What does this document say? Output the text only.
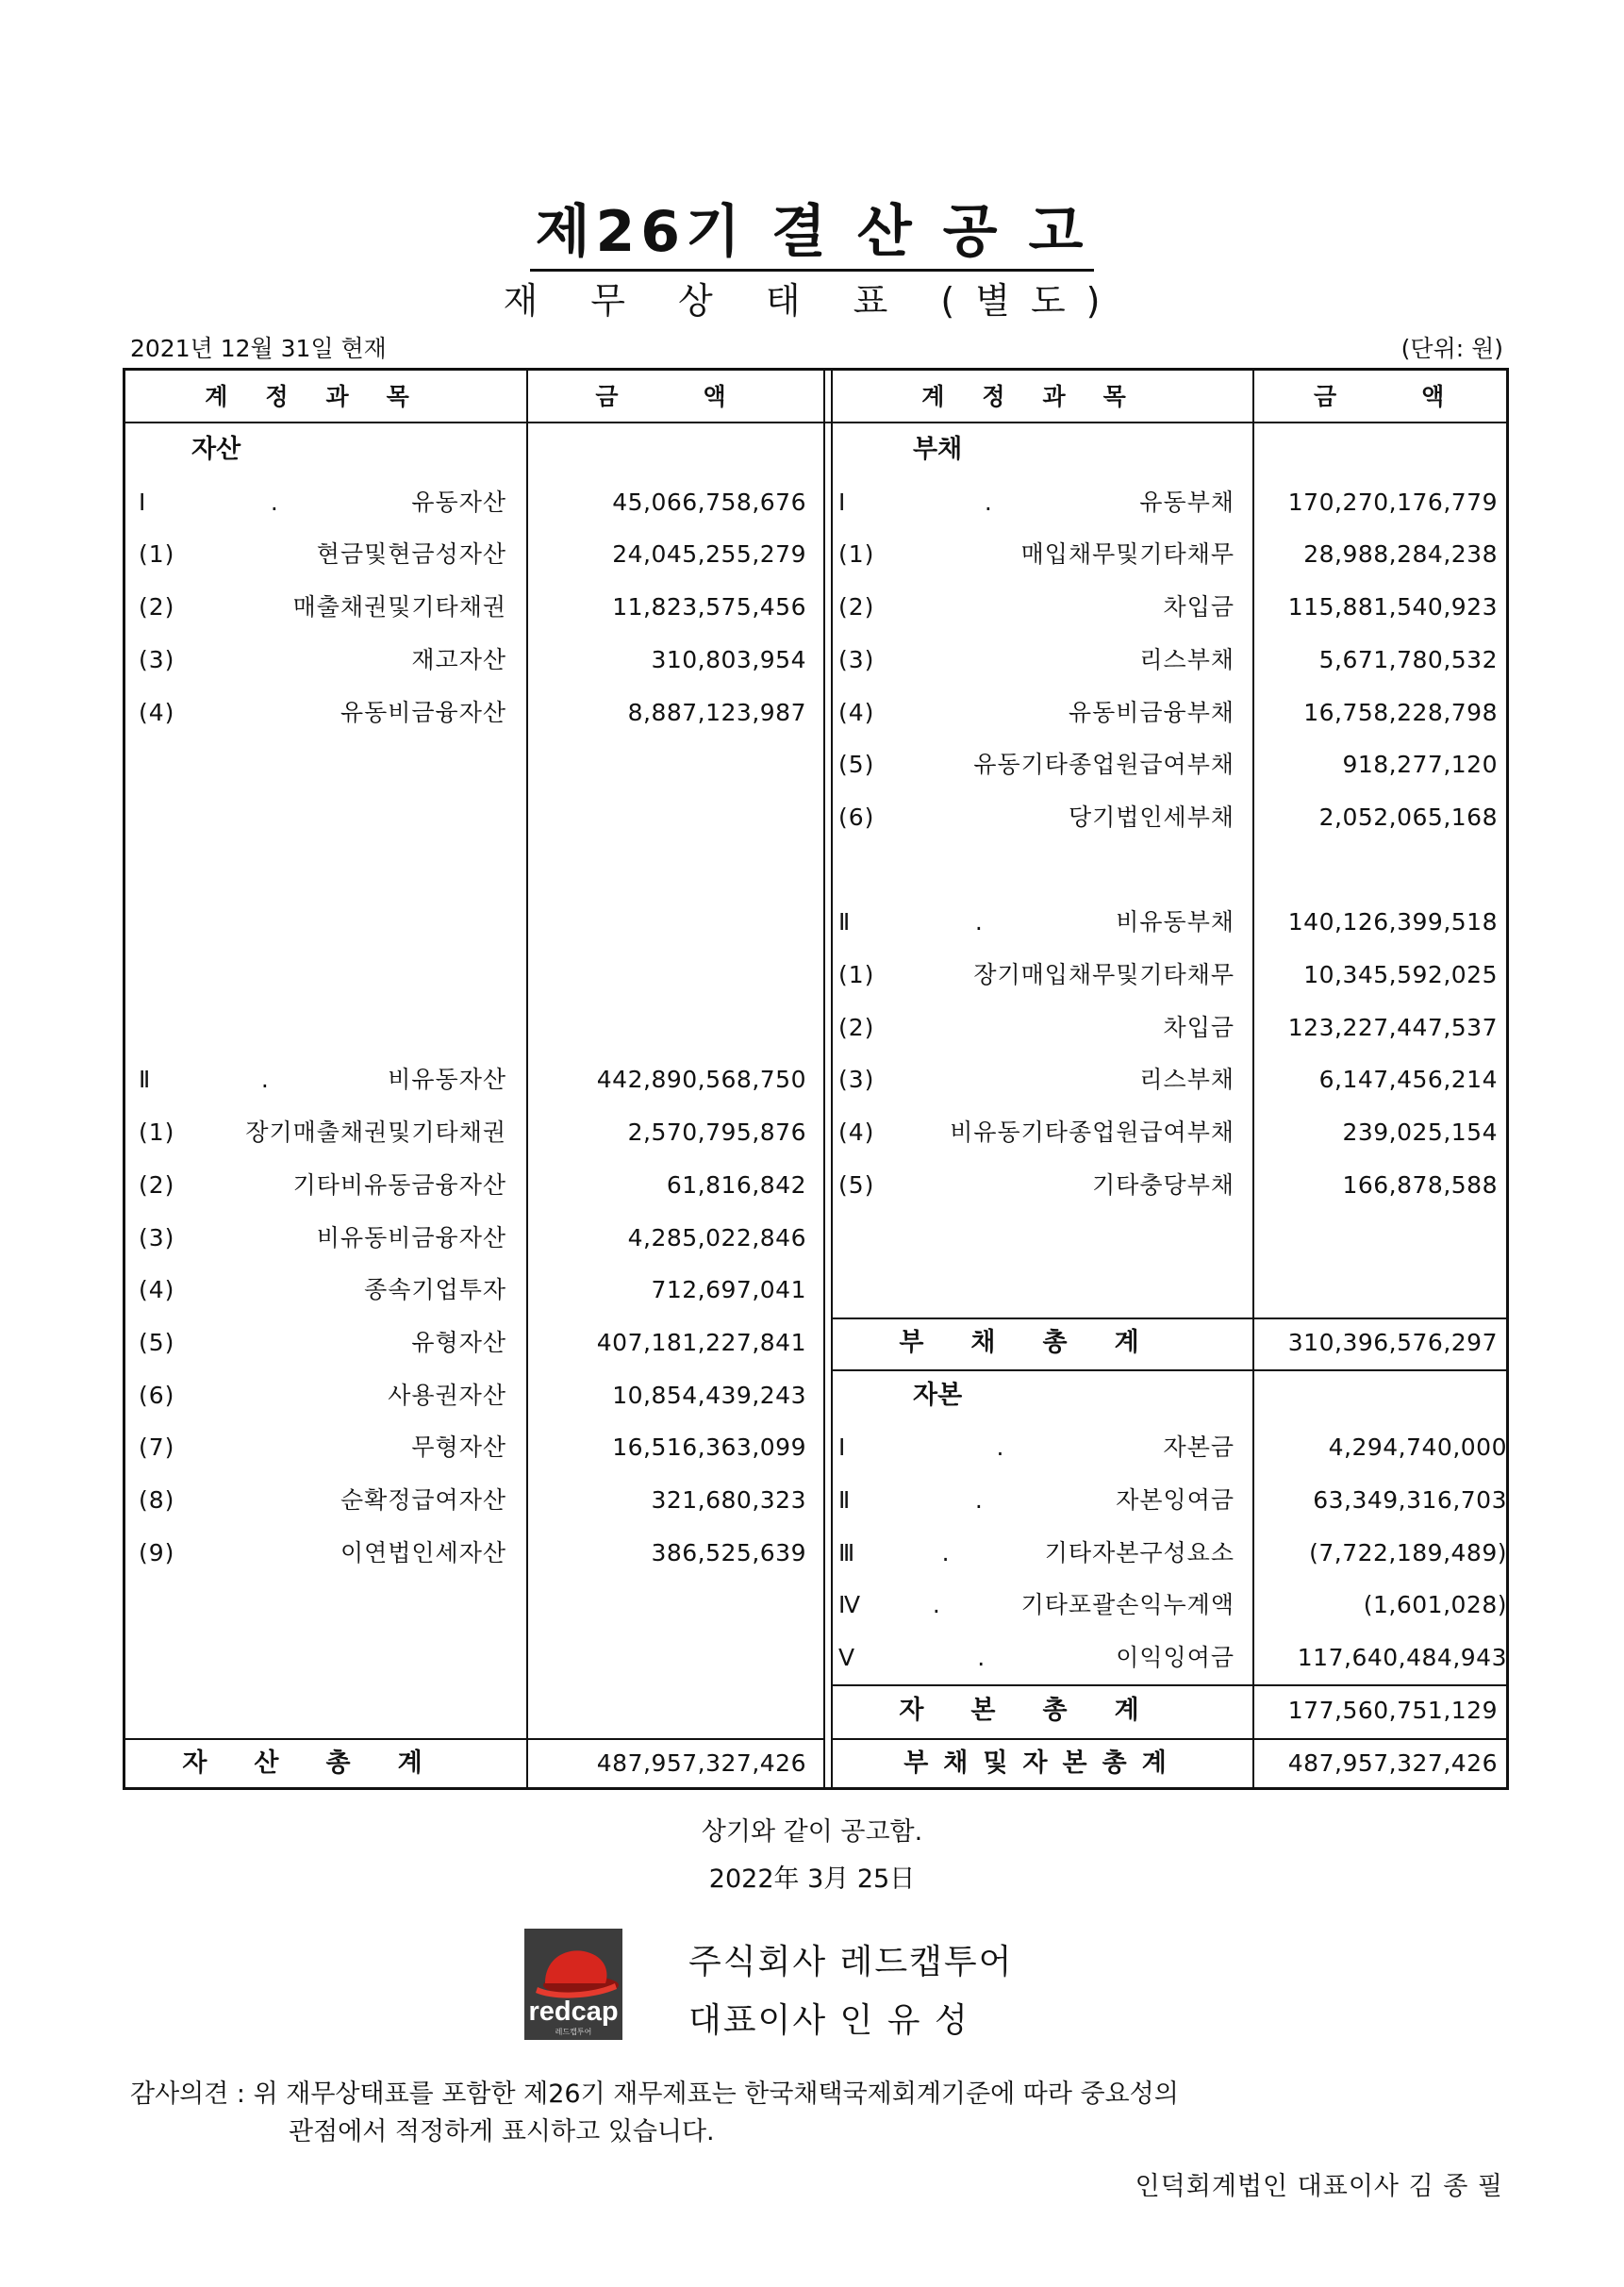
제26기 결 산 공 고
재 무 상 태 표 (별도)
2021년 12월 31일 현재	(단위: 원)
계정과목	금액	계정과목	금액
자산
Ⅰ. 유동자산	45,066,758,676
(1) 현금및현금성자산	24,045,255,279
(2) 매출채권및기타채권	11,823,575,456
(3) 재고자산	310,803,954
(4) 유동비금융자산	8,887,123,987
Ⅱ. 비유동자산	442,890,568,750
(1) 장기매출채권및기타채권	2,570,795,876
(2) 기타비유동금융자산	61,816,842
(3) 비유동비금융자산	4,285,022,846
(4) 종속기업투자	712,697,041
(5) 유형자산	407,181,227,841
(6) 사용권자산	10,854,439,243
(7) 무형자산	16,516,363,099
(8) 순확정급여자산	321,680,323
(9) 이연법인세자산	386,525,639
자산총계	487,957,327,426
부채
Ⅰ. 유동부채	170,270,176,779
(1) 매입채무및기타채무	28,988,284,238
(2) 차입금	115,881,540,923
(3) 리스부채	5,671,780,532
(4) 유동비금융부채	16,758,228,798
(5) 유동기타종업원급여부채	918,277,120
(6) 당기법인세부채	2,052,065,168
Ⅱ. 비유동부채	140,126,399,518
(1) 장기매입채무및기타채무	10,345,592,025
(2) 차입금	123,227,447,537
(3) 리스부채	6,147,456,214
(4) 비유동기타종업원급여부채	239,025,154
(5) 기타충당부채	166,878,588
부채총계	310,396,576,297
자본
Ⅰ. 자본금	4,294,740,000
Ⅱ. 자본잉여금	63,349,316,703
Ⅲ. 기타자본구성요소	(7,722,189,489)
Ⅳ. 기타포괄손익누계액	(1,601,028)
Ⅴ. 이익잉여금	117,640,484,943
자본총계	177,560,751,129
부채및자본총계	487,957,327,426
상기와 같이 공고함.
2022年 3月 25日
redcap
레드캡투어
주식회사 레드캡투어
대표이사 인 유 성
감사의견 : 위 재무상태표를 포함한 제26기 재무제표는 한국채택국제회계기준에 따라 중요성의
관점에서 적정하게 표시하고 있습니다.
인덕회계법인 대표이사 김 종 필
